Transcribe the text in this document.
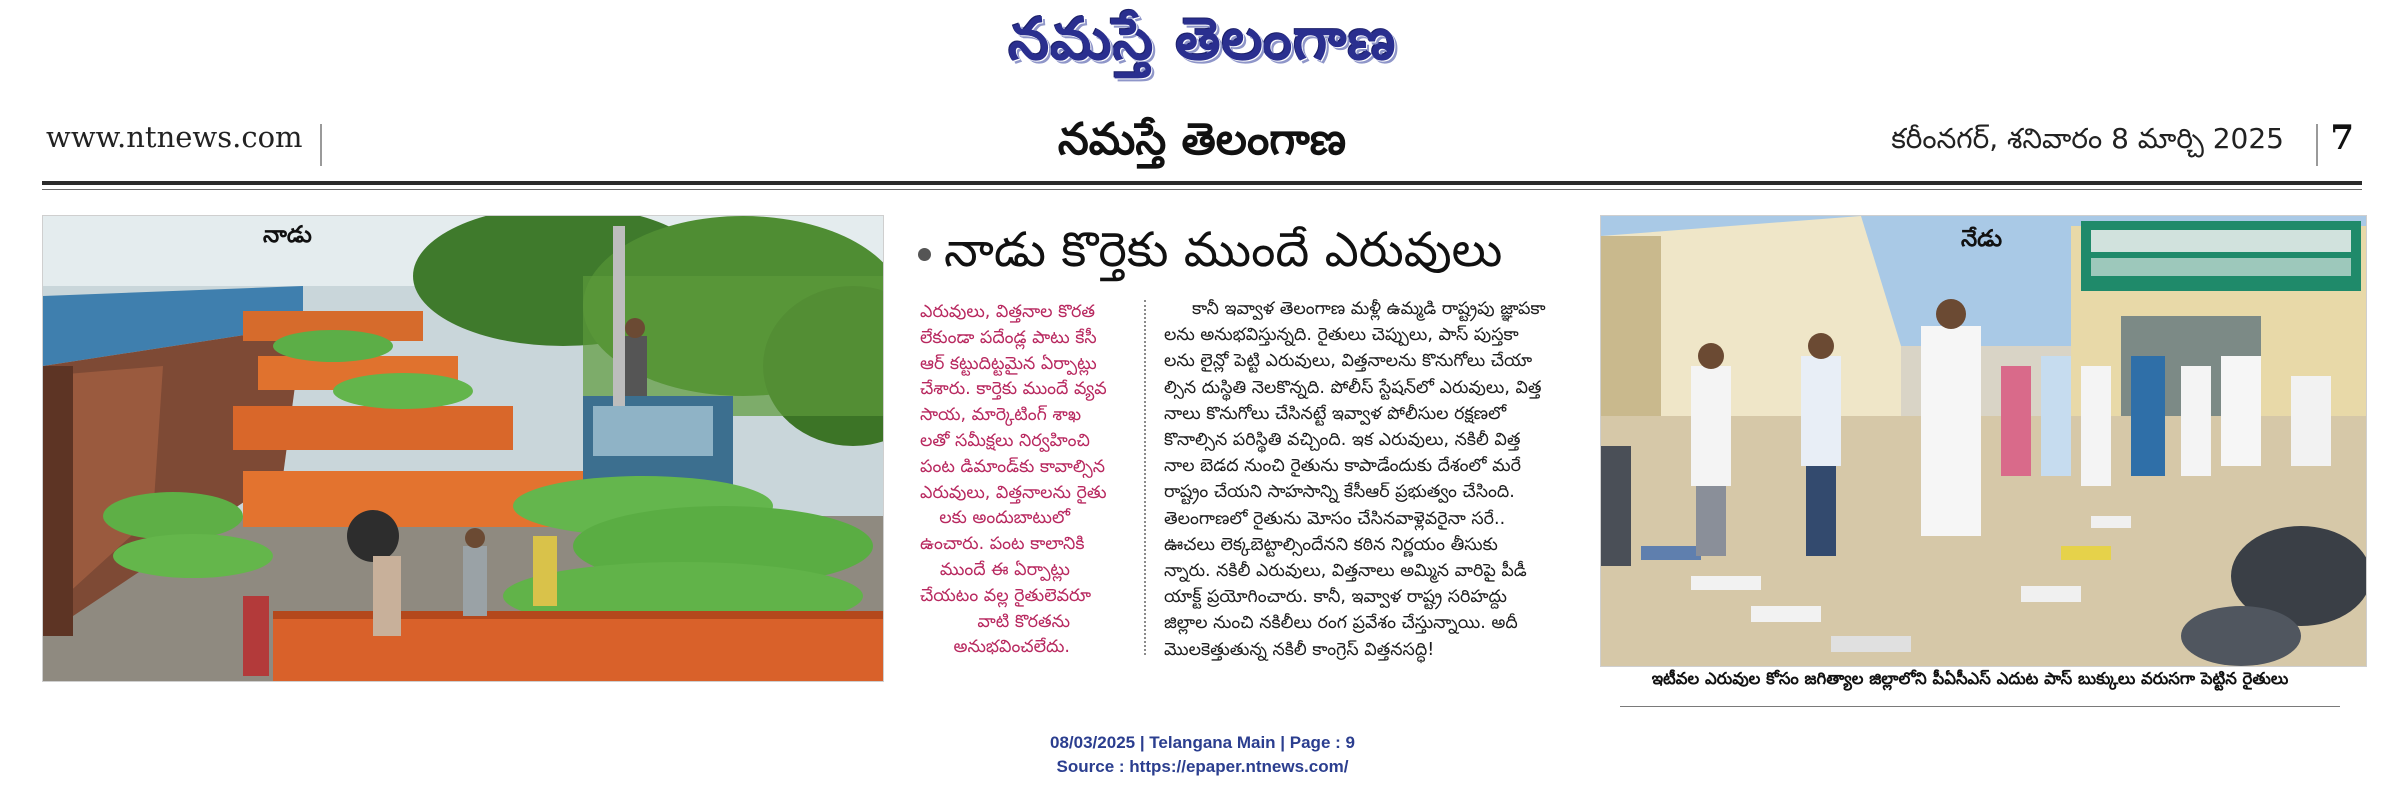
నమస్తే తెలంగాణ
www.ntnews.com	నమస్తే తెలంగాణ	కరీంనగర్, శనివారం 8 మార్చి 2025 7
నాడు	నాడు కొర్తెకు ముందే ఎరువులు
ఎరువులు, విత్తనాల కొరత
లేకుండా పదేండ్ల పాటు కేసీ
ఆర్ కట్టుదిట్టమైన ఏర్పాట్లు
చేశారు. కార్తెకు ముందే వ్యవ
సాయ, మార్కెటింగ్ శాఖ
లతో సమీక్షలు నిర్వహించి
పంట డిమాండ్‌కు కావాల్సిన
ఎరువులు, విత్తనాలను రైతు
లకు అందుబాటులో
ఉంచారు. పంట కాలానికి
ముందే ఈ ఏర్పాట్లు
చేయటం వల్ల రైతులెవరూ
వాటి కొరతను
అనుభవించలేదు.
కానీ ఇవ్వాళ తెలంగాణ మళ్లీ ఉమ్మడి రాష్ట్రపు జ్ఞాపకా
లను అనుభవిస్తున్నది. రైతులు చెప్పులు, పాస్ పుస్తకా
లను లైన్లో పెట్టి ఎరువులు, విత్తనాలను కొనుగోలు చేయా
ల్సిన దుస్థితి నెలకొన్నది. పోలీస్ స్టేషన్‌లో ఎరువులు, విత్త
నాలు కొనుగోలు చేసినట్టే ఇవ్వాళ పోలీసుల రక్షణలో
కొనాల్సిన పరిస్థితి వచ్చింది. ఇక ఎరువులు, నకిలీ విత్త
నాల బెడద నుంచి రైతును కాపాడేందుకు దేశంలో మరే
రాష్ట్రం చేయని సాహసాన్ని కేసీఆర్ ప్రభుత్వం చేసింది.
తెలంగాణలో రైతును మోసం చేసినవాళ్లెవరైనా సరే..
ఊచలు లెక్కబెట్టాల్సిందేనని కఠిన నిర్ణయం తీసుకు
న్నారు. నకిలీ ఎరువులు, విత్తనాలు అమ్మిన వారిపై పీడీ
యాక్ట్ ప్రయోగించారు. కానీ, ఇవ్వాళ రాష్ట్ర సరిహద్దు
జిల్లాల నుంచి నకిలీలు రంగ ప్రవేశం చేస్తున్నాయి. అదీ
మొలకెత్తుతున్న నకిలీ కాంగ్రెస్ విత్తనసద్ధి!
నేడు
ఇటీవల ఎరువుల కోసం జగిత్యాల జిల్లాలోని పీఏసీఎస్ ఎదుట పాస్ బుక్కులు వరుసగా పెట్టిన రైతులు
08/03/2025 | Telangana Main | Page : 9
Source : https://epaper.ntnews.com/
